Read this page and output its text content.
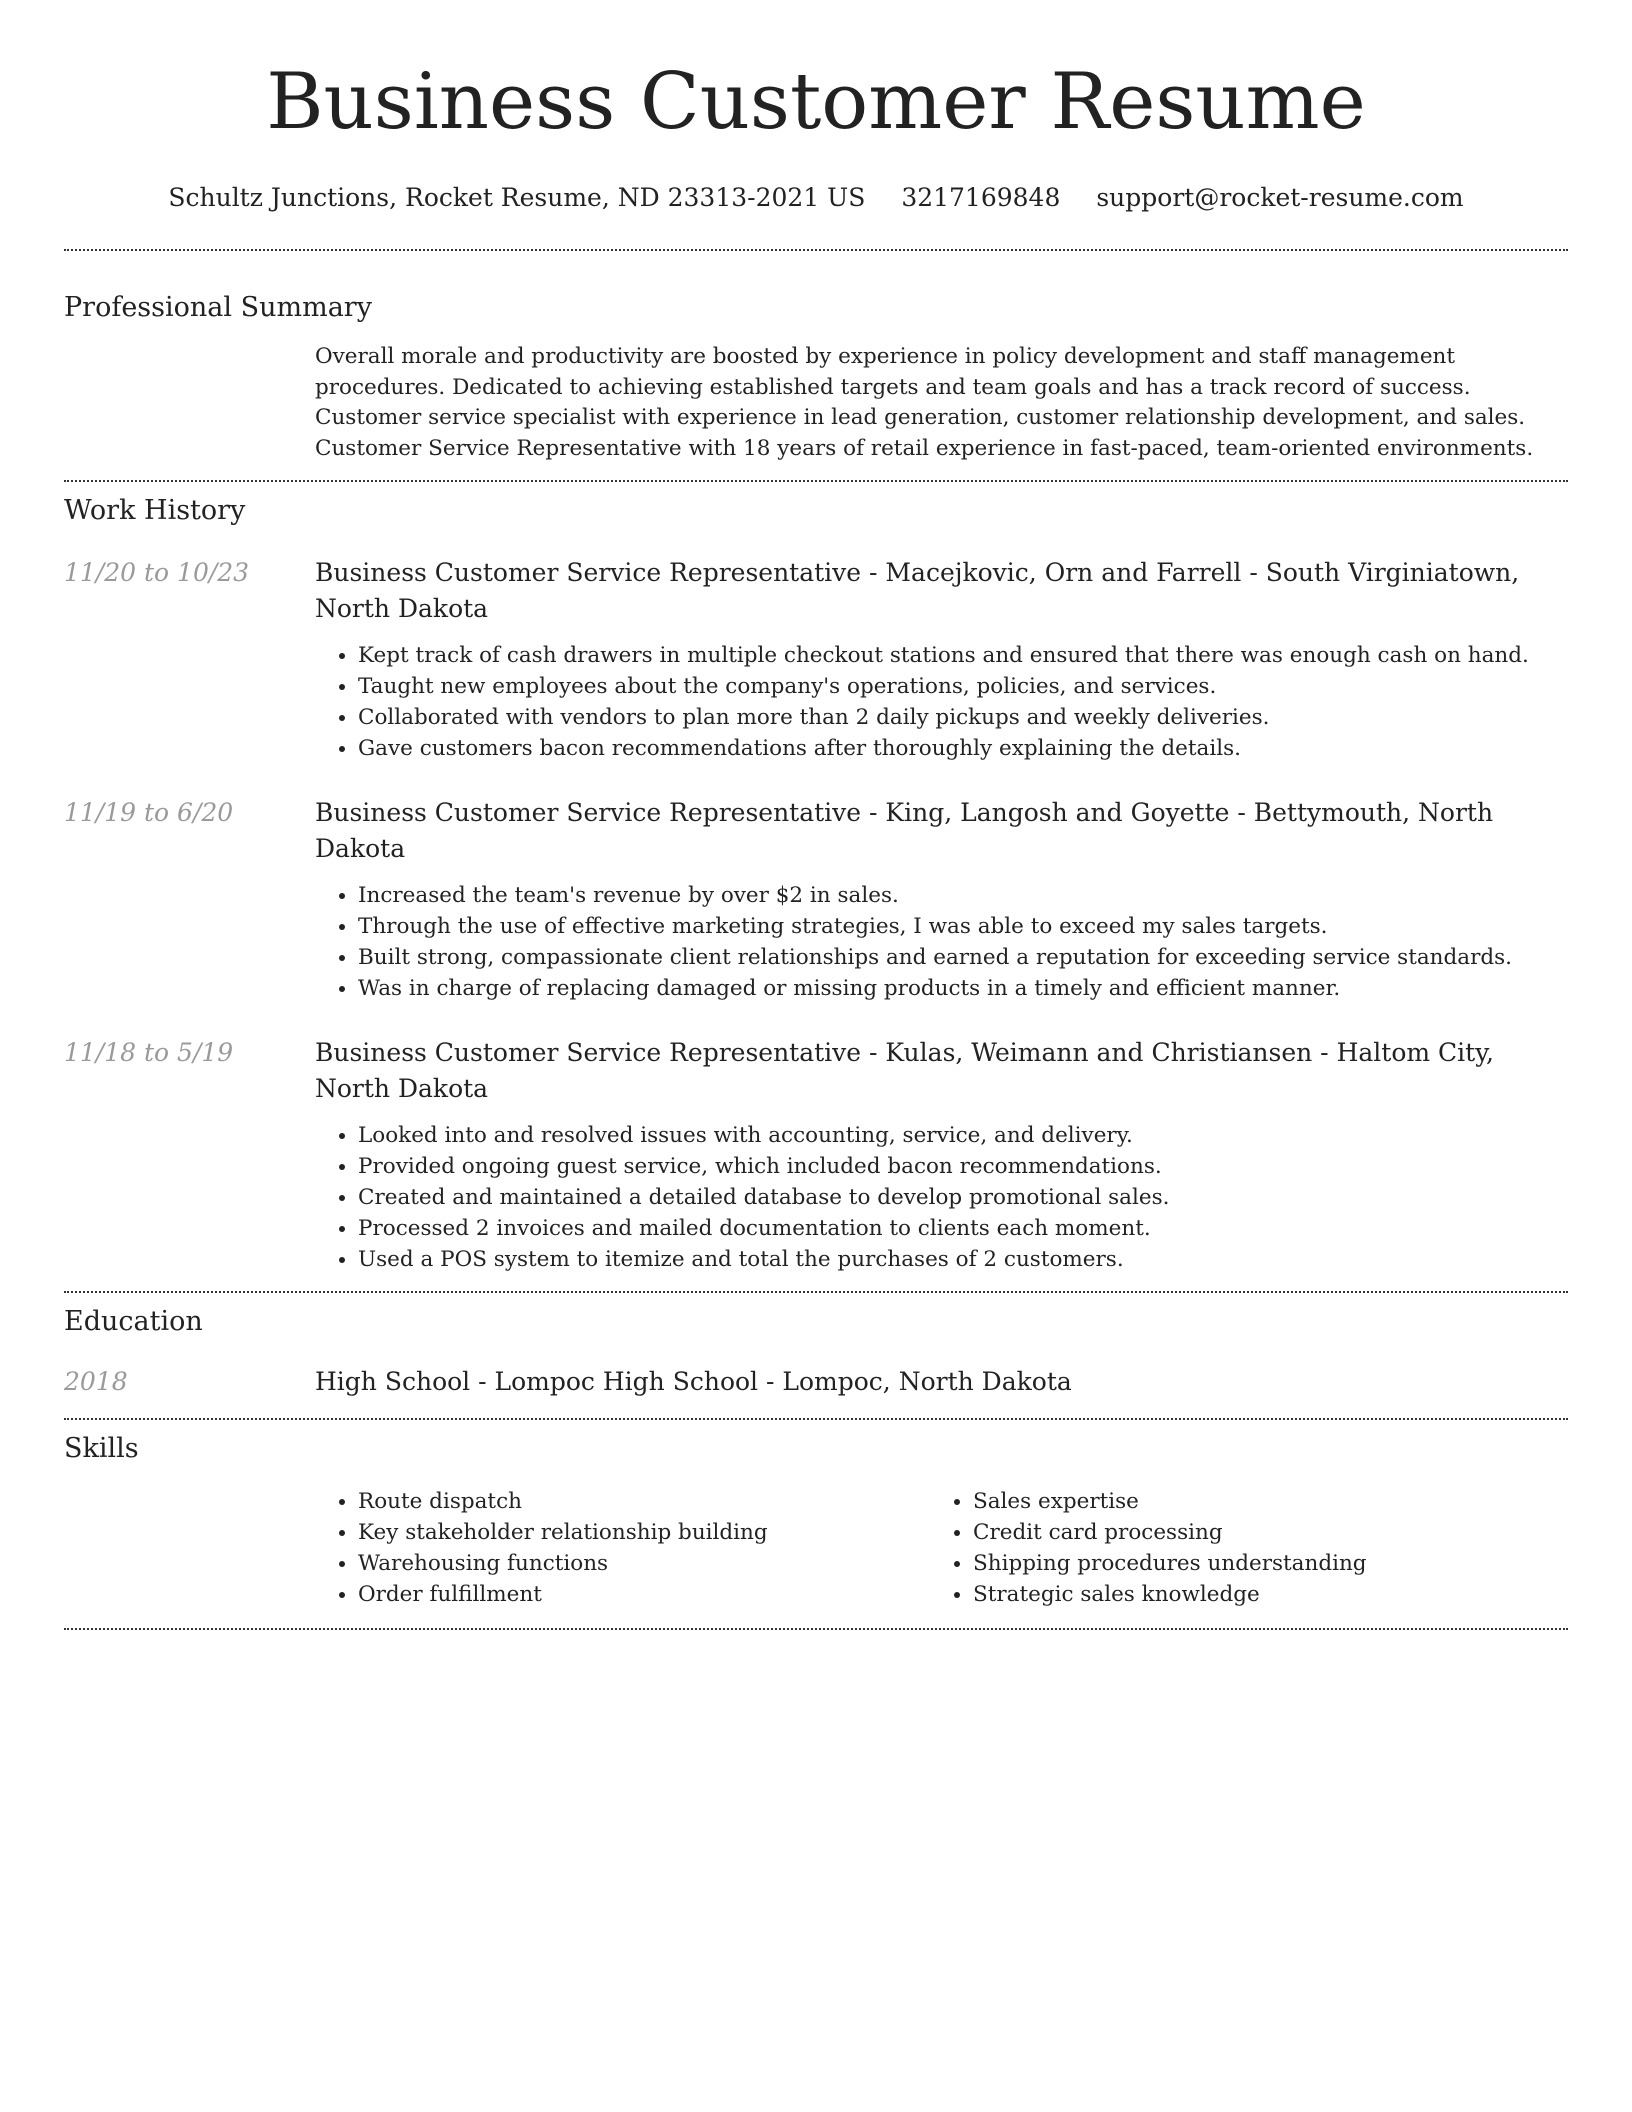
Business Customer Resume
Schultz Junctions, Rocket Resume, ND 23313-2021 US 3217169848 support@rocket-resume.com
Professional Summary
Overall morale and productivity are boosted by experience in policy development and staff management procedures. Dedicated to achieving established targets and team goals and has a track record of success. Customer service specialist with experience in lead generation, customer relationship development, and sales. Customer Service Representative with 18 years of retail experience in fast-paced, team-oriented environments.
Work History
11/20 to 10/23	Business Customer Service Representative - Macejkovic, Orn and Farrell - South Virginiatown, North Dakota
• Kept track of cash drawers in multiple checkout stations and ensured that there was enough cash on hand.
• Taught new employees about the company's operations, policies, and services.
• Collaborated with vendors to plan more than 2 daily pickups and weekly deliveries.
• Gave customers bacon recommendations after thoroughly explaining the details.
11/19 to 6/20	Business Customer Service Representative - King, Langosh and Goyette - Bettymouth, North Dakota
• Increased the team's revenue by over $2 in sales.
• Through the use of effective marketing strategies, I was able to exceed my sales targets.
• Built strong, compassionate client relationships and earned a reputation for exceeding service standards.
• Was in charge of replacing damaged or missing products in a timely and efficient manner.
11/18 to 5/19	Business Customer Service Representative - Kulas, Weimann and Christiansen - Haltom City, North Dakota
• Looked into and resolved issues with accounting, service, and delivery.
• Provided ongoing guest service, which included bacon recommendations.
• Created and maintained a detailed database to develop promotional sales.
• Processed 2 invoices and mailed documentation to clients each moment.
• Used a POS system to itemize and total the purchases of 2 customers.
Education
2018	High School - Lompoc High School - Lompoc, North Dakota
Skills
• Route dispatch
• Key stakeholder relationship building
• Warehousing functions
• Order fulfillment
• Sales expertise
• Credit card processing
• Shipping procedures understanding
• Strategic sales knowledge
